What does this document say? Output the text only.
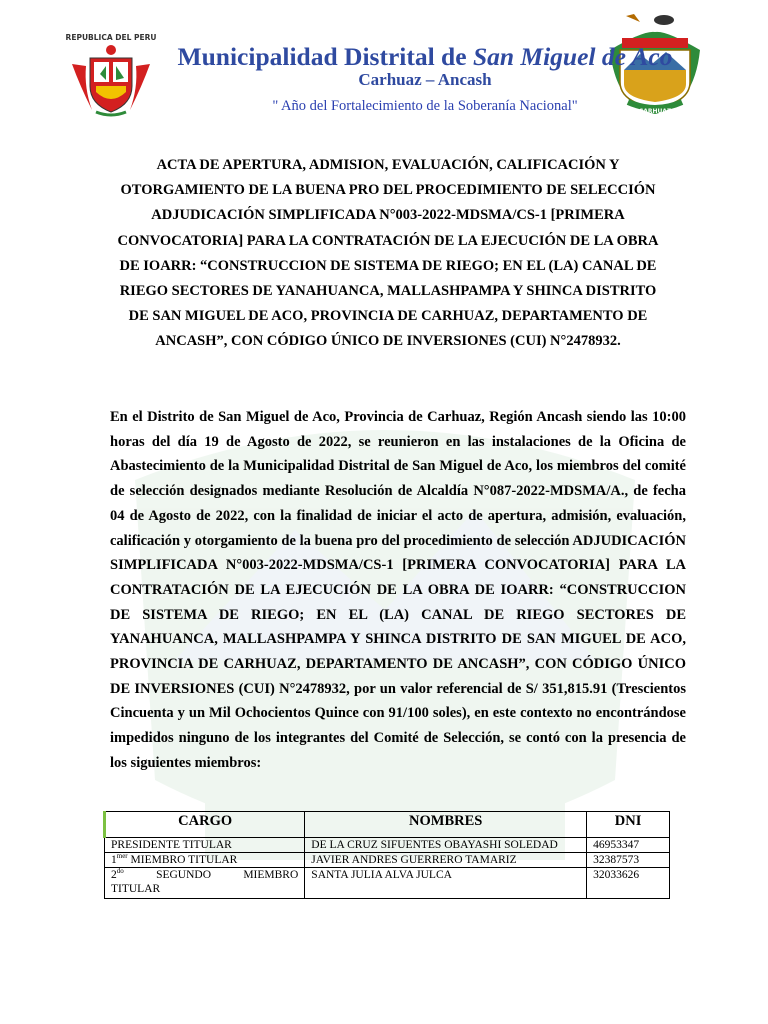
REPUBLICA DEL PERU
CARHUAZ
Municipalidad Distrital de San Miguel de Aco
Carhuaz – Ancash
" Año del Fortalecimiento de la Soberanía Nacional"
ACTA DE APERTURA, ADMISION, EVALUACIÓN, CALIFICACIÓN Y OTORGAMIENTO DE LA BUENA PRO DEL PROCEDIMIENTO DE SELECCIÓN ADJUDICACIÓN SIMPLIFICADA N°003-2022-MDSMA/CS-1 [PRIMERA CONVOCATORIA] PARA LA CONTRATACIÓN DE LA EJECUCIÓN DE LA OBRA DE IOARR: “CONSTRUCCION DE SISTEMA DE RIEGO; EN EL (LA) CANAL DE RIEGO SECTORES DE YANAHUANCA, MALLASHPAMPA Y SHINCA DISTRITO DE SAN MIGUEL DE ACO, PROVINCIA DE CARHUAZ, DEPARTAMENTO DE ANCASH”, CON CÓDIGO ÚNICO DE INVERSIONES (CUI) N°2478932.
En el Distrito de San Miguel de Aco, Provincia de Carhuaz, Región Ancash siendo las 10:00 horas del día 19 de Agosto de 2022, se reunieron en las instalaciones de la Oficina de Abastecimiento de la Municipalidad Distrital de San Miguel de Aco, los miembros del comité de selección designados mediante Resolución de Alcaldía N°087-2022-MDSMA/A., de fecha 04 de Agosto de 2022, con la finalidad de iniciar el acto de apertura, admisión, evaluación, calificación y otorgamiento de la buena pro del procedimiento de selección ADJUDICACIÓN SIMPLIFICADA N°003-2022-MDSMA/CS-1 [PRIMERA CONVOCATORIA] PARA LA CONTRATACIÓN DE LA EJECUCIÓN DE LA OBRA DE IOARR: “CONSTRUCCION DE SISTEMA DE RIEGO; EN EL (LA) CANAL DE RIEGO SECTORES DE YANAHUANCA, MALLASHPAMPA Y SHINCA DISTRITO DE SAN MIGUEL DE ACO, PROVINCIA DE CARHUAZ, DEPARTAMENTO DE ANCASH”, CON CÓDIGO ÚNICO DE INVERSIONES (CUI) N°2478932, por un valor referencial de S/ 351,815.91 (Trescientos Cincuenta y un Mil Ochocientos Quince con 91/100 soles), en este contexto no encontrándose impedidos ninguno de los integrantes del Comité de Selección, se contó con la presencia de los siguientes miembros:
CARGO	NOMBRES	DNI
PRESIDENTE TITULAR	DE LA CRUZ SIFUENTES OBAYASHI SOLEDAD	46953347
$1^{mer}$ MIEMBRO TITULAR	JAVIER ANDRES GUERRERO TAMARIZ	32387573

$2^{do}$ SEGUNDO MIEMBRO
TITULAR	SANTA JULIA ALVA JULCA	32033626
